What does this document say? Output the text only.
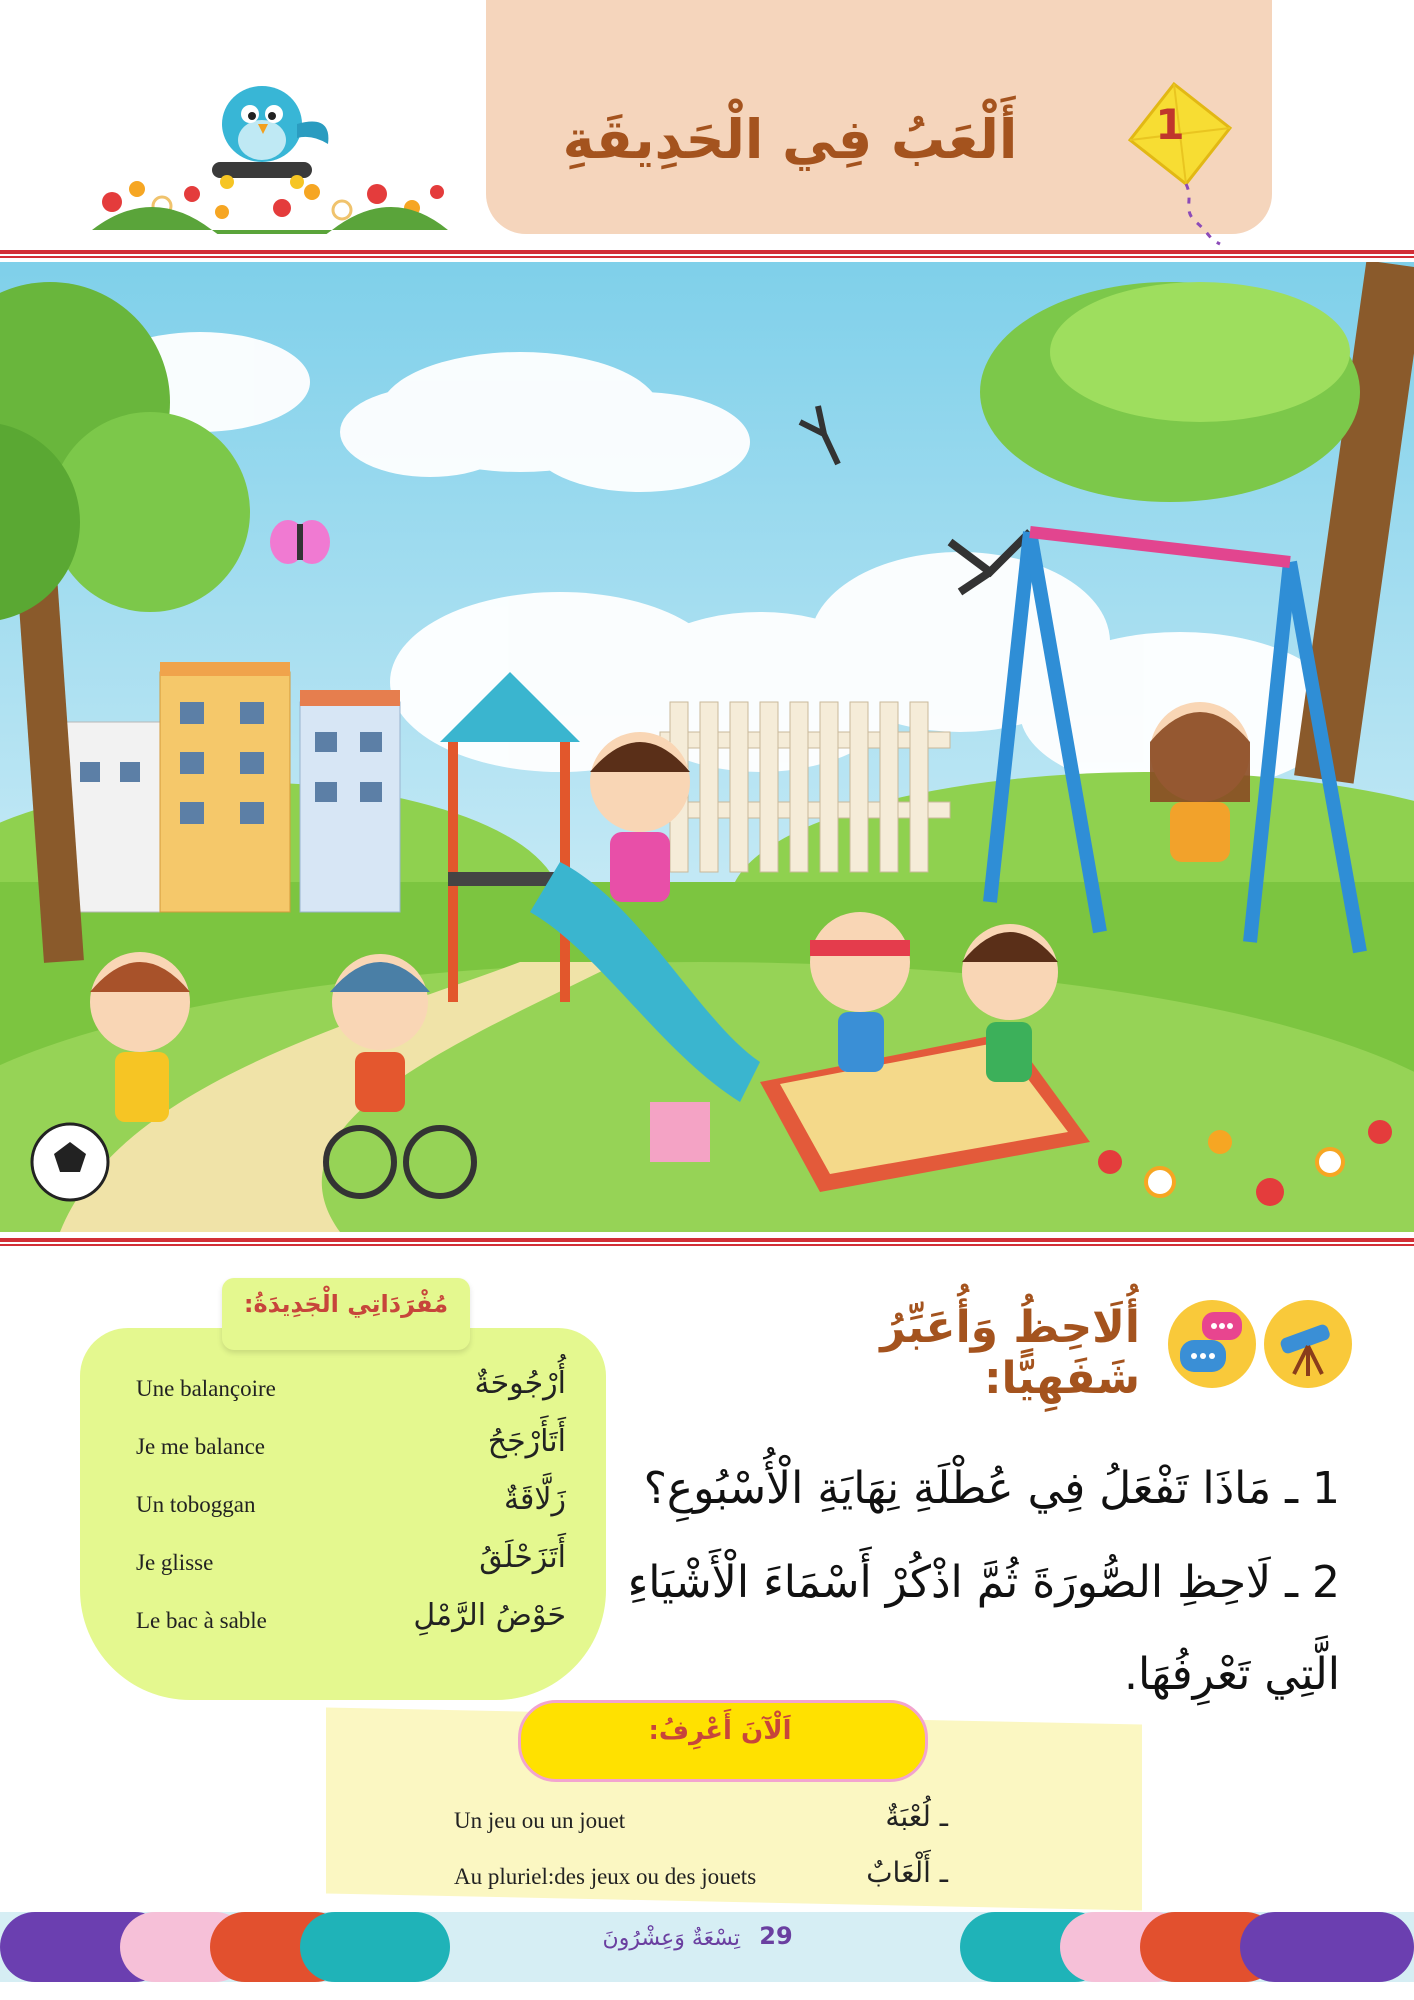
أَلْعَبُ فِي الْحَدِيقَةِ	1
مُفْرَدَاتِي الْجَدِيدَةُ:
Une balançoire	أُرْجُوحَةٌ
Je me balance	أَتَأَرْجَحُ
Un toboggan	زَلَّاقَةٌ
Je glisse	أَتَزَحْلَقُ
Le bac à sable	حَوْضُ الرَّمْلِ
أُلَاحِظُ وَأُعَبِّرُ شَفَهِيًّا:
1 ـ مَاذَا تَفْعَلُ فِي عُطْلَةِ نِهَايَةِ الْأُسْبُوعِ؟
2 ـ لَاحِظِ الصُّورَةَ ثُمَّ اذْكُرْ أَسْمَاءَ الْأَشْيَاءِ
الَّتِي تَعْرِفُهَا.
اَلْآنَ أَعْرِفُ:
Un jeu ou un jouet	ـ لُعْبَةٌ
Au pluriel:des jeux ou des jouets	ـ أَلْعَابٌ
29
تِسْعَةٌ وَعِشْرُونَ
